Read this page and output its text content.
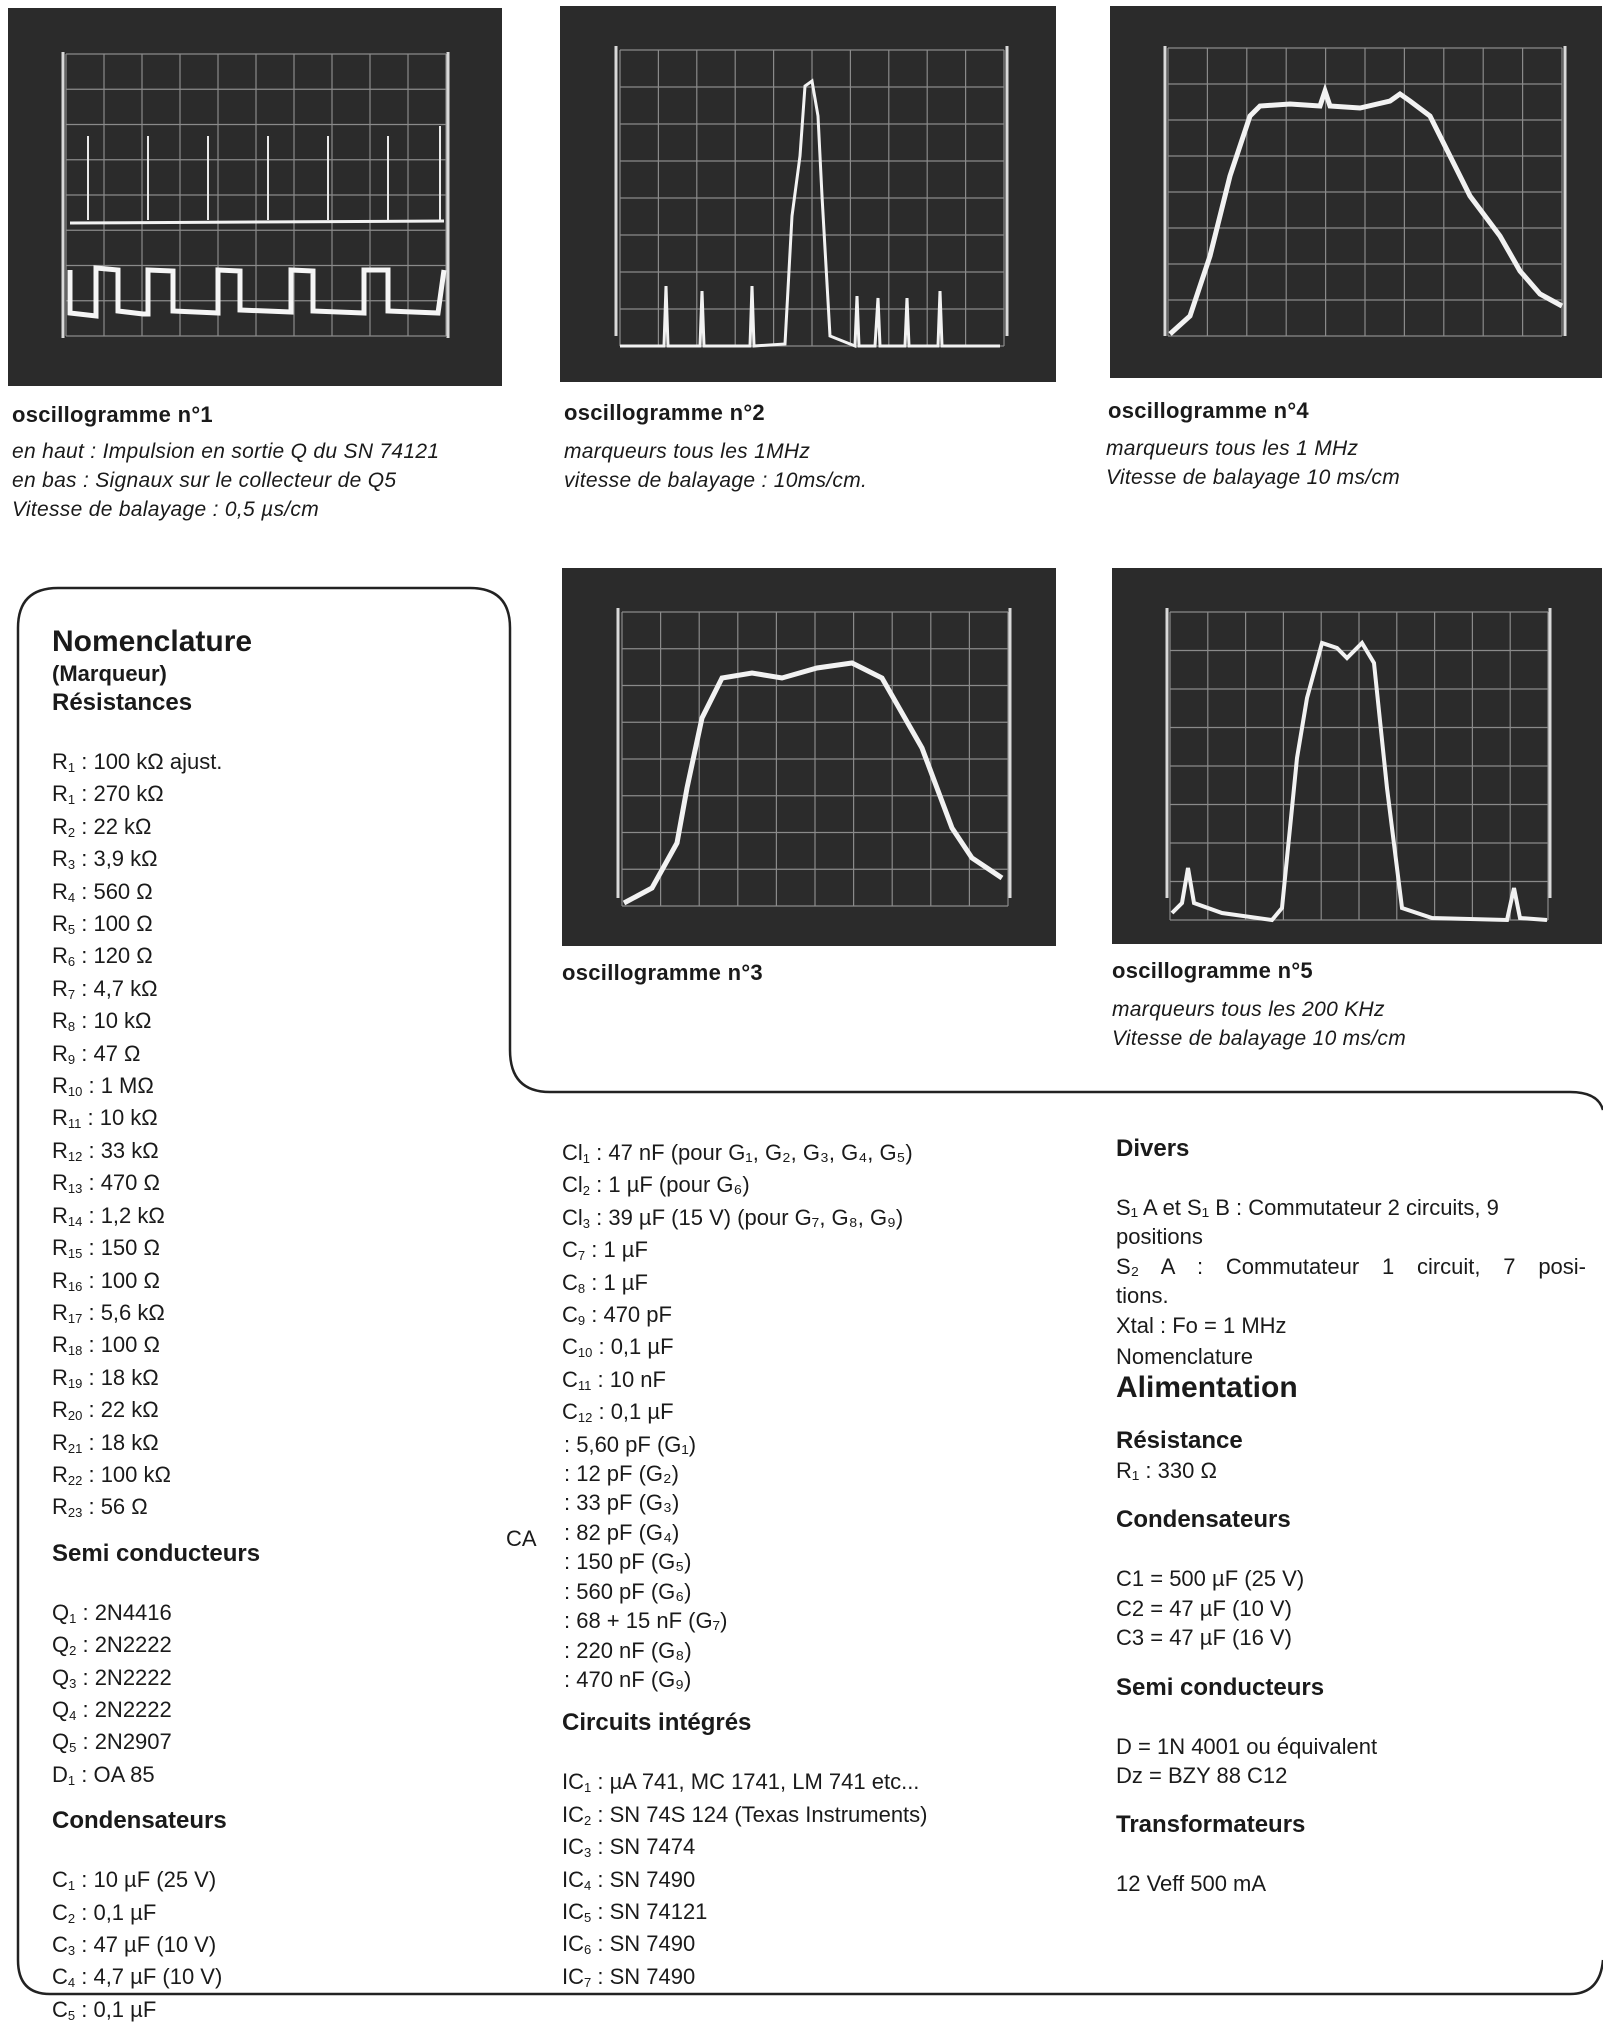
oscillogramme n°1
en haut : Impulsion en sortie Q du SN 74121
en bas : Signaux sur le collecteur de Q5
Vitesse de balayage : 0,5 µs/cm
oscillogramme n°2
marqueurs tous les 1MHz
vitesse de balayage : 10ms/cm.
oscillogramme n°4
marqueurs tous les 1 MHz
Vitesse de balayage 10 ms/cm
oscillogramme n°3	oscillogramme n°5
marqueurs tous les 200 KHz
Vitesse de balayage 10 ms/cm
Nomenclature
(Marqueur)
Résistances
$R_1$ : 100 kΩ ajust.
$R_1$ : 270 kΩ
$R_2$ : 22 kΩ
$R_3$ : 3,9 kΩ
$R_4$ : 560 Ω
$R_5$ : 100 Ω
$R_6$ : 120 Ω
$R_7$ : 4,7 kΩ
$R_8$ : 10 kΩ
$R_9$ : 47 Ω
$R_{10}$ : 1 MΩ
$R_{11}$ : 10 kΩ
$R_{12}$ : 33 kΩ
$R_{13}$ : 470 Ω
$R_{14}$ : 1,2 kΩ
$R_{15}$ : 150 Ω
$R_{16}$ : 100 Ω
$R_{17}$ : 5,6 kΩ
$R_{18}$ : 100 Ω
$R_{19}$ : 18 kΩ
$R_{20}$ : 22 kΩ
$R_{21}$ : 18 kΩ
$R_{22}$ : 100 kΩ
$R_{23}$ : 56 Ω
Semi conducteurs
$Q_1$ : 2N4416
$Q_2$ : 2N2222
$Q_3$ : 2N2222
$Q_4$ : 2N2222
$Q_5$ : 2N2907
$D_1$ : OA 85
Condensateurs
$C_1$ : 10 µF (25 V)
$C_2$ : 0,1 µF
$C_3$ : 47 µF (10 V)
$C_4$ : 4,7 µF (10 V)
$C_5$ : 0,1 µF
$Cl_1$ : 47 nF (pour G₁, G₂, G₃, G₄, G₅)
$Cl_2$ : 1 µF (pour G₆)
$Cl_3$ : 39 µF (15 V) (pour G₇, G₈, G₉)
$C_7$ : 1 µF
$C_8$ : 1 µF
$C_9$ : 470 pF
$C_{10}$ : 0,1 µF
$C_{11}$ : 10 nF
$C_{12}$ : 0,1 µF
: 5,60 pF (G₁)
: 12 pF (G₂)
: 33 pF (G₃)
: 82 pF (G₄)
: 150 pF (G₅)
: 560 pF (G₆)
: 68 + 15 nF (G₇)
: 220 nF (G₈)
: 470 nF (G₉)
Circuits intégrés
$IC_1$ : µA 741, MC 1741, LM 741 etc...
$IC_2$ : SN 74S 124 (Texas Instruments)
$IC_3$ : SN 7474
$IC_4$ : SN 7490
$IC_5$ : SN 74121
$IC_6$ : SN 7490
$IC_7$ : SN 7490
CA
Divers
S₁ A et S₁ B : Commutateur 2 circuits, 9
positions
S₂ A : Commutateur 1 circuit, 7 posi-
tions.
Xtal : Fo = 1 MHz
Nomenclature
Alimentation
Résistance
R₁ : 330 Ω
Condensateurs
C1 = 500 µF (25 V)
C2 = 47 µF (10 V)
C3 = 47 µF (16 V)
Semi conducteurs
D = 1N 4001 ou équivalent
Dz = BZY 88 C12
Transformateurs
12 Veff 500 mA
